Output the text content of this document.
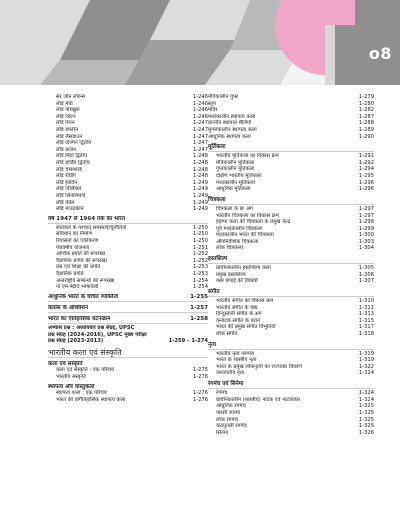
o8
सर जॉन लॉरेन्स	1-246
लॉर्ड मेयो	1-246
लॉर्ड नॉर्थब्रुक	1-246
लॉर्ड लिटन	1-246
लॉर्ड रिपन	1-247
लॉर्ड डफरिन	1-247
लॉर्ड लैंसडाउन	1-247
लॉर्ड एल्गिन द्वितीय	1-247
लॉर्ड कर्जन	1-247
लॉर्ड मिंटो द्वितीय	1-248
लॉर्ड हार्डिंग द्वितीय	1-248
लॉर्ड चेम्सफोर्ड	1-248
लॉर्ड रीडिंग	1-248
लॉर्ड इरविन	1-249
लॉर्ड विलिंग्डन	1-249
लॉर्ड लिनलिथगो	1-249
लॉर्ड वेवेल	1-249
लॉर्ड माउंटबेटन	1-249
वर्ष 1947 से 1964 तक का भारत
स्वतंत्रता के पश्चात् समस्याएँ/चुनौतियाँ	1-250
संविधान का निर्माण	1-250
रियासतों का एकीकरण	1-250
पंचवर्षीय योजनाएं	1-251
आर्थिक प्रगति की रूपरेखा	1-252
वैज्ञानिक प्रगति की रूपरेखा	1-252
प्रेस एवं शिक्षा की प्रगति	1-253
वैज्ञानिक प्रगति	1-253
अन्तर्राष्ट्रीय सम्बन्धों की रूपरेखा	1-254
नो एम-480 भाषावली	1-254
आधुनिक भारत के चर्चित व्यक्तित्व	1-255
कांग्रेस के अधिवेशन	1-257
भारत का ऐतिहासिक घटनाक्रम	1-258
अभ्यास प्रश्न : अध्यायवार प्रश्न संग्रह, UPSC
प्रश्न संग्रह (2024-2016), UPSC मुख्य परीक्षा
प्रश्न संग्रह (2023-2013)	1-259 – 1-274
भारतीय कला एवं संस्कृति
कला एवं संस्कृति
कला एवं संस्कृति : एक परिचय	1-275
भारतीय संस्कृति	1-276
स्थापत्य और वास्तुकला
स्थापत्य कला : एक परिचय	1-276
भारत की प्रागैतिहासिक स्थापत्य कला	1-276
मौर्यकालीन गुफा	1-279
स्तूप	1-280
मंदिर	1-282
मध्यकालीन स्थापत्य कला	1-287
प्रान्तीय स्थापत्य शैलियाँ	1-288
मुगलकालीन स्थापत्य कला	1-289
आधुनिक स्थापत्य कला	1-290
मूर्तिकला
भारतीय मूर्तिकला का विकास क्रम	1-291
मौर्यकालीन मूर्तिकला	1-292
गुप्तकालीन मूर्तिकला	1-294
दक्षिण भारतीय मूर्तिकला	1-295
मध्यकालीन मूर्तिकला	1-296
आधुनिक मूर्तिकला	1-296
चित्रकला
चित्रकला के छः अंग	1-297
भारतीय चित्रकला का विकास क्रम	1-297
हड़प्पा कला की चित्रकला के प्रमुख केन्द्र	1-298
पूर्व मध्यकालीन चित्रकला	1-299
मध्यकालीन भारत की चित्रकला	1-300
औपनिवेशिक चित्रकला	1-303
लोक चित्रकला	1-304
हस्तशिल्प
प्राचीनकालीन हस्तशिल्प कला	1-305
प्रमुख हस्तशिल्प	1-306
वस्त्र छपाई की विधियाँ	1-307
संगीत
भारतीय संगीत का विकास क्रम	1-310
भारतीय संगीत के वाद्य	1-311
हिन्दुस्तानी संगीत के अंग	1-313
कर्नाटक संगीत के घराने	1-315
भारत की प्रमुख संगीत विभूतियाँ	1-317
लोक संगीत	1-318
नृत्य
भारतीय नृत्य परम्परा	1-319
भारत के शास्त्रीय नृत्य	1-319
भारत के प्रमुख लोकनृत्यों का राज्यवार विवरण	1-322
जनजातीय नृत्य	1-324
रंगमंच एवं सिनेमा
रंगमंच	1-324
प्राचीनकालीन (शास्त्रीय) नाटक एवं नाटककार	1-324
आधुनिक रंगमंच	1-325
पारसी रंगमंच	1-325
लोक रंगमंच	1-325
कठपुतली रंगमंच	1-325
सिनेमा	1-326
